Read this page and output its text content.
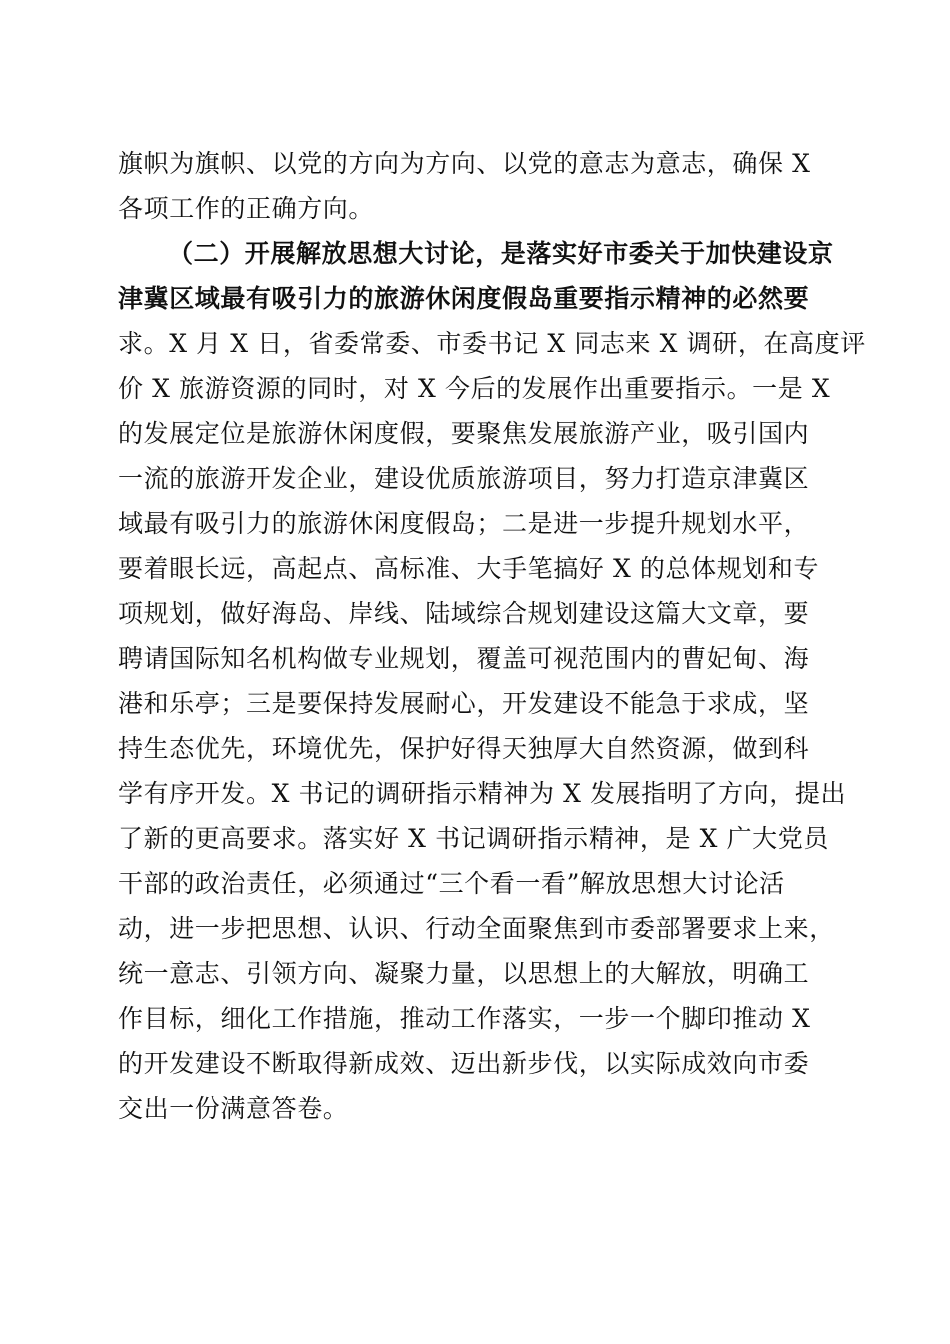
旗帜为旗帜、以党的方向为方向、以党的意志为意志，确保 X
各项工作的正确方向。
（二）开展解放思想大讨论，是落实好市委关于加快建设京
津冀区域最有吸引力的旅游休闲度假岛重要指示精神的必然要
求。X 月 X 日，省委常委、市委书记 X 同志来 X 调研，在高度评
价 X 旅游资源的同时，对 X 今后的发展作出重要指示。一是 X
的发展定位是旅游休闲度假，要聚焦发展旅游产业，吸引国内
一流的旅游开发企业，建设优质旅游项目，努力打造京津冀区
域最有吸引力的旅游休闲度假岛；二是进一步提升规划水平，
要着眼长远，高起点、高标准、大手笔搞好 X 的总体规划和专
项规划，做好海岛、岸线、陆域综合规划建设这篇大文章，要
聘请国际知名机构做专业规划，覆盖可视范围内的曹妃甸、海
港和乐亭；三是要保持发展耐心，开发建设不能急于求成，坚
持生态优先，环境优先，保护好得天独厚大自然资源，做到科
学有序开发。X 书记的调研指示精神为 X 发展指明了方向，提出
了新的更高要求。落实好 X 书记调研指示精神，是 X 广大党员
干部的政治责任，必须通过“三个看一看”解放思想大讨论活
动，进一步把思想、认识、行动全面聚焦到市委部署要求上来，
统一意志、引领方向、凝聚力量，以思想上的大解放，明确工
作目标，细化工作措施，推动工作落实，一步一个脚印推动 X
的开发建设不断取得新成效、迈出新步伐，以实际成效向市委
交出一份满意答卷。
